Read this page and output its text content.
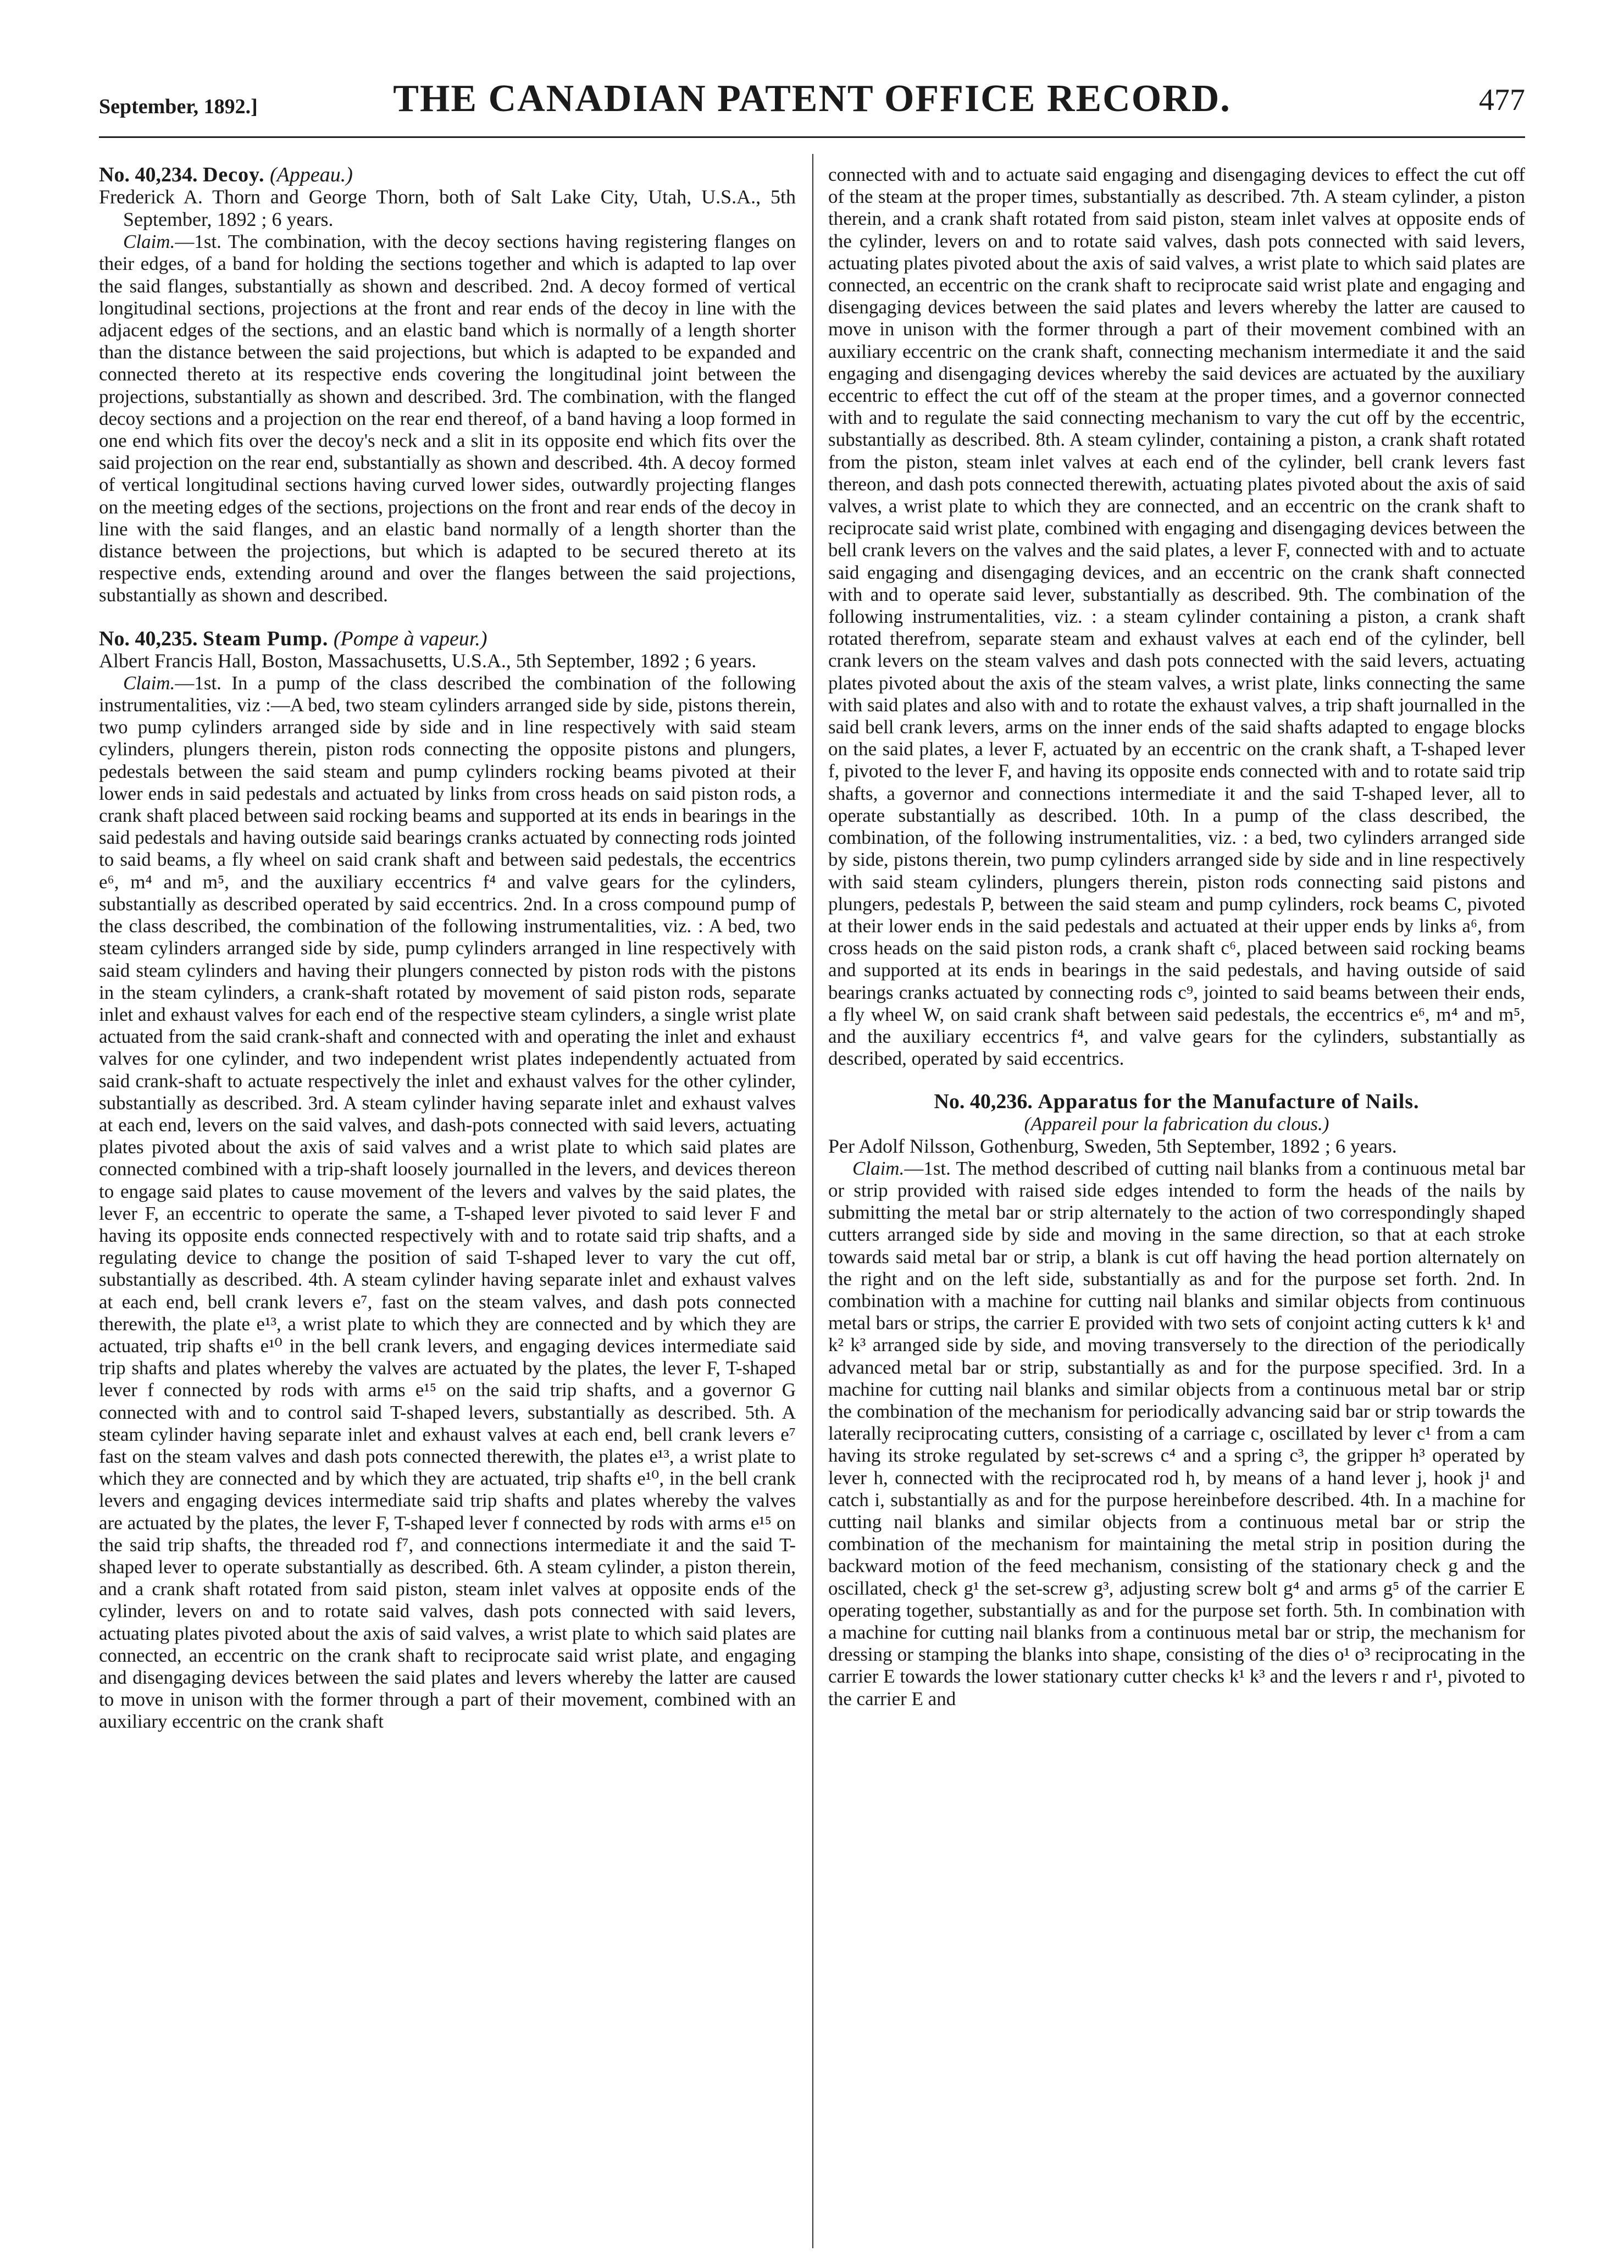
September, 1892.]	THE CANADIAN PATENT OFFICE RECORD.	477

No. 40,234. Decoy. (Appeau.)

Frederick A. Thorn and George Thorn, both of Salt Lake City, Utah, U.S.A., 5th September, 1892 ; 6 years.

Claim.—1st. The combination, with the decoy sections having registering flanges on their edges, of a band for holding the sections together and which is adapted to lap over the said flanges, substantially as shown and described. 2nd. A decoy formed of vertical longitudinal sections, projections at the front and rear ends of the decoy in line with the adjacent edges of the sections, and an elastic band which is normally of a length shorter than the distance between the said projections, but which is adapted to be expanded and connected thereto at its respective ends covering the longitudinal joint between the projections, substantially as shown and described. 3rd. The combination, with the flanged decoy sections and a projection on the rear end thereof, of a band having a loop formed in one end which fits over the decoy's neck and a slit in its opposite end which fits over the said projection on the rear end, substantially as shown and described. 4th. A decoy formed of vertical longitudinal sections having curved lower sides, outwardly projecting flanges on the meeting edges of the sections, projections on the front and rear ends of the decoy in line with the said flanges, and an elastic band normally of a length shorter than the distance between the projections, but which is adapted to be secured thereto at its respective ends, extending around and over the flanges between the said projections, substantially as shown and described.

No. 40,235. Steam Pump. (Pompe à vapeur.)

Albert Francis Hall, Boston, Massachusetts, U.S.A., 5th September, 1892 ; 6 years.

Claim.—1st. In a pump of the class described the combination of the following instrumentalities, viz :—A bed, two steam cylinders arranged side by side, pistons therein, two pump cylinders arranged side by side and in line respectively with said steam cylinders, plungers therein, piston rods connecting the opposite pistons and plungers, pedestals between the said steam and pump cylinders rocking beams pivoted at their lower ends in said pedestals and actuated by links from cross heads on said piston rods, a crank shaft placed between said rocking beams and supported at its ends in bearings in the said pedestals and having outside said bearings cranks actuated by connecting rods jointed to said beams, a fly wheel on said crank shaft and between said pedestals, the eccentrics e⁶, m⁴ and m⁵, and the auxiliary eccentrics f⁴ and valve gears for the cylinders, substantially as described operated by said eccentrics. 2nd. In a cross compound pump of the class described, the combination of the following instrumentalities, viz. : A bed, two steam cylinders arranged side by side, pump cylinders arranged in line respectively with said steam cylinders and having their plungers connected by piston rods with the pistons in the steam cylinders, a crank-shaft rotated by movement of said piston rods, separate inlet and exhaust valves for each end of the respective steam cylinders, a single wrist plate actuated from the said crank-shaft and connected with and operating the inlet and exhaust valves for one cylinder, and two independent wrist plates independently actuated from said crank-shaft to actuate respectively the inlet and exhaust valves for the other cylinder, substantially as described. 3rd. A steam cylinder having separate inlet and exhaust valves at each end, levers on the said valves, and dash-pots connected with said levers, actuating plates pivoted about the axis of said valves and a wrist plate to which said plates are connected combined with a trip-shaft loosely journalled in the levers, and devices thereon to engage said plates to cause movement of the levers and valves by the said plates, the lever F, an eccentric to operate the same, a T-shaped lever pivoted to said lever F and having its opposite ends connected respectively with and to rotate said trip shafts, and a regulating device to change the position of said T-shaped lever to vary the cut off, substantially as described. 4th. A steam cylinder having separate inlet and exhaust valves at each end, bell crank levers e⁷, fast on the steam valves, and dash pots connected therewith, the plate e¹³, a wrist plate to which they are connected and by which they are actuated, trip shafts e¹⁰ in the bell crank levers, and engaging devices intermediate said trip shafts and plates whereby the valves are actuated by the plates, the lever F, T-shaped lever f connected by rods with arms e¹⁵ on the said trip shafts, and a governor G connected with and to control said T-shaped levers, substantially as described. 5th. A steam cylinder having separate inlet and exhaust valves at each end, bell crank levers e⁷ fast on the steam valves and dash pots connected therewith, the plates e¹³, a wrist plate to which they are connected and by which they are actuated, trip shafts e¹⁰, in the bell crank levers and engaging devices intermediate said trip shafts and plates whereby the valves are actuated by the plates, the lever F, T-shaped lever f connected by rods with arms e¹⁵ on the said trip shafts, the threaded rod f⁷, and connections intermediate it and the said T-shaped lever to operate substantially as described. 6th. A steam cylinder, a piston therein, and a crank shaft rotated from said piston, steam inlet valves at opposite ends of the cylinder, levers on and to rotate said valves, dash pots connected with said levers, actuating plates pivoted about the axis of said valves, a wrist plate to which said plates are connected, an eccentric on the crank shaft to reciprocate said wrist plate, and engaging and disengaging devices between the said plates and levers whereby the latter are caused to move in unison with the former through a part of their movement, combined with an auxiliary eccentric on the crank shaft

connected with and to actuate said engaging and disengaging devices to effect the cut off of the steam at the proper times, substantially as described. 7th. A steam cylinder, a piston therein, and a crank shaft rotated from said piston, steam inlet valves at opposite ends of the cylinder, levers on and to rotate said valves, dash pots connected with said levers, actuating plates pivoted about the axis of said valves, a wrist plate to which said plates are connected, an eccentric on the crank shaft to reciprocate said wrist plate and engaging and disengaging devices between the said plates and levers whereby the latter are caused to move in unison with the former through a part of their movement combined with an auxiliary eccentric on the crank shaft, connecting mechanism intermediate it and the said engaging and disengaging devices whereby the said devices are actuated by the auxiliary eccentric to effect the cut off of the steam at the proper times, and a governor connected with and to regulate the said connecting mechanism to vary the cut off by the eccentric, substantially as described. 8th. A steam cylinder, containing a piston, a crank shaft rotated from the piston, steam inlet valves at each end of the cylinder, bell crank levers fast thereon, and dash pots connected therewith, actuating plates pivoted about the axis of said valves, a wrist plate to which they are connected, and an eccentric on the crank shaft to reciprocate said wrist plate, combined with engaging and disengaging devices between the bell crank levers on the valves and the said plates, a lever F, connected with and to actuate said engaging and disengaging devices, and an eccentric on the crank shaft connected with and to operate said lever, substantially as described. 9th. The combination of the following instrumentalities, viz. : a steam cylinder containing a piston, a crank shaft rotated therefrom, separate steam and exhaust valves at each end of the cylinder, bell crank levers on the steam valves and dash pots connected with the said levers, actuating plates pivoted about the axis of the steam valves, a wrist plate, links connecting the same with said plates and also with and to rotate the exhaust valves, a trip shaft journalled in the said bell crank levers, arms on the inner ends of the said shafts adapted to engage blocks on the said plates, a lever F, actuated by an eccentric on the crank shaft, a T-shaped lever f, pivoted to the lever F, and having its opposite ends connected with and to rotate said trip shafts, a governor and connections intermediate it and the said T-shaped lever, all to operate substantially as described. 10th. In a pump of the class described, the combination, of the following instrumentalities, viz. : a bed, two cylinders arranged side by side, pistons therein, two pump cylinders arranged side by side and in line respectively with said steam cylinders, plungers therein, piston rods connecting said pistons and plungers, pedestals P, between the said steam and pump cylinders, rock beams C, pivoted at their lower ends in the said pedestals and actuated at their upper ends by links a⁶, from cross heads on the said piston rods, a crank shaft c⁶, placed between said rocking beams and supported at its ends in bearings in the said pedestals, and having outside of said bearings cranks actuated by connecting rods c⁹, jointed to said beams between their ends, a fly wheel W, on said crank shaft between said pedestals, the eccentrics e⁶, m⁴ and m⁵, and the auxiliary eccentrics f⁴, and valve gears for the cylinders, substantially as described, operated by said eccentrics.

No. 40,236. Apparatus for the Manufacture of Nails.

(Appareil pour la fabrication du clous.)

Per Adolf Nilsson, Gothenburg, Sweden, 5th September, 1892 ; 6 years.

Claim.—1st. The method described of cutting nail blanks from a continuous metal bar or strip provided with raised side edges intended to form the heads of the nails by submitting the metal bar or strip alternately to the action of two correspondingly shaped cutters arranged side by side and moving in the same direction, so that at each stroke towards said metal bar or strip, a blank is cut off having the head portion alternately on the right and on the left side, substantially as and for the purpose set forth. 2nd. In combination with a machine for cutting nail blanks and similar objects from continuous metal bars or strips, the carrier E provided with two sets of conjoint acting cutters k k¹ and k² k³ arranged side by side, and moving transversely to the direction of the periodically advanced metal bar or strip, substantially as and for the purpose specified. 3rd. In a machine for cutting nail blanks and similar objects from a continuous metal bar or strip the combination of the mechanism for periodically advancing said bar or strip towards the laterally reciprocating cutters, consisting of a carriage c, oscillated by lever c¹ from a cam having its stroke regulated by set-screws c⁴ and a spring c³, the gripper h³ operated by lever h, connected with the reciprocated rod h, by means of a hand lever j, hook j¹ and catch i, substantially as and for the purpose hereinbefore described. 4th. In a machine for cutting nail blanks and similar objects from a continuous metal bar or strip the combination of the mechanism for maintaining the metal strip in position during the backward motion of the feed mechanism, consisting of the stationary check g and the oscillated, check g¹ the set-screw g³, adjusting screw bolt g⁴ and arms g⁵ of the carrier E operating together, substantially as and for the purpose set forth. 5th. In combination with a machine for cutting nail blanks from a continuous metal bar or strip, the mechanism for dressing or stamping the blanks into shape, consisting of the dies o¹ o³ reciprocating in the carrier E towards the lower stationary cutter checks k¹ k³ and the levers r and r¹, pivoted to the carrier E and
